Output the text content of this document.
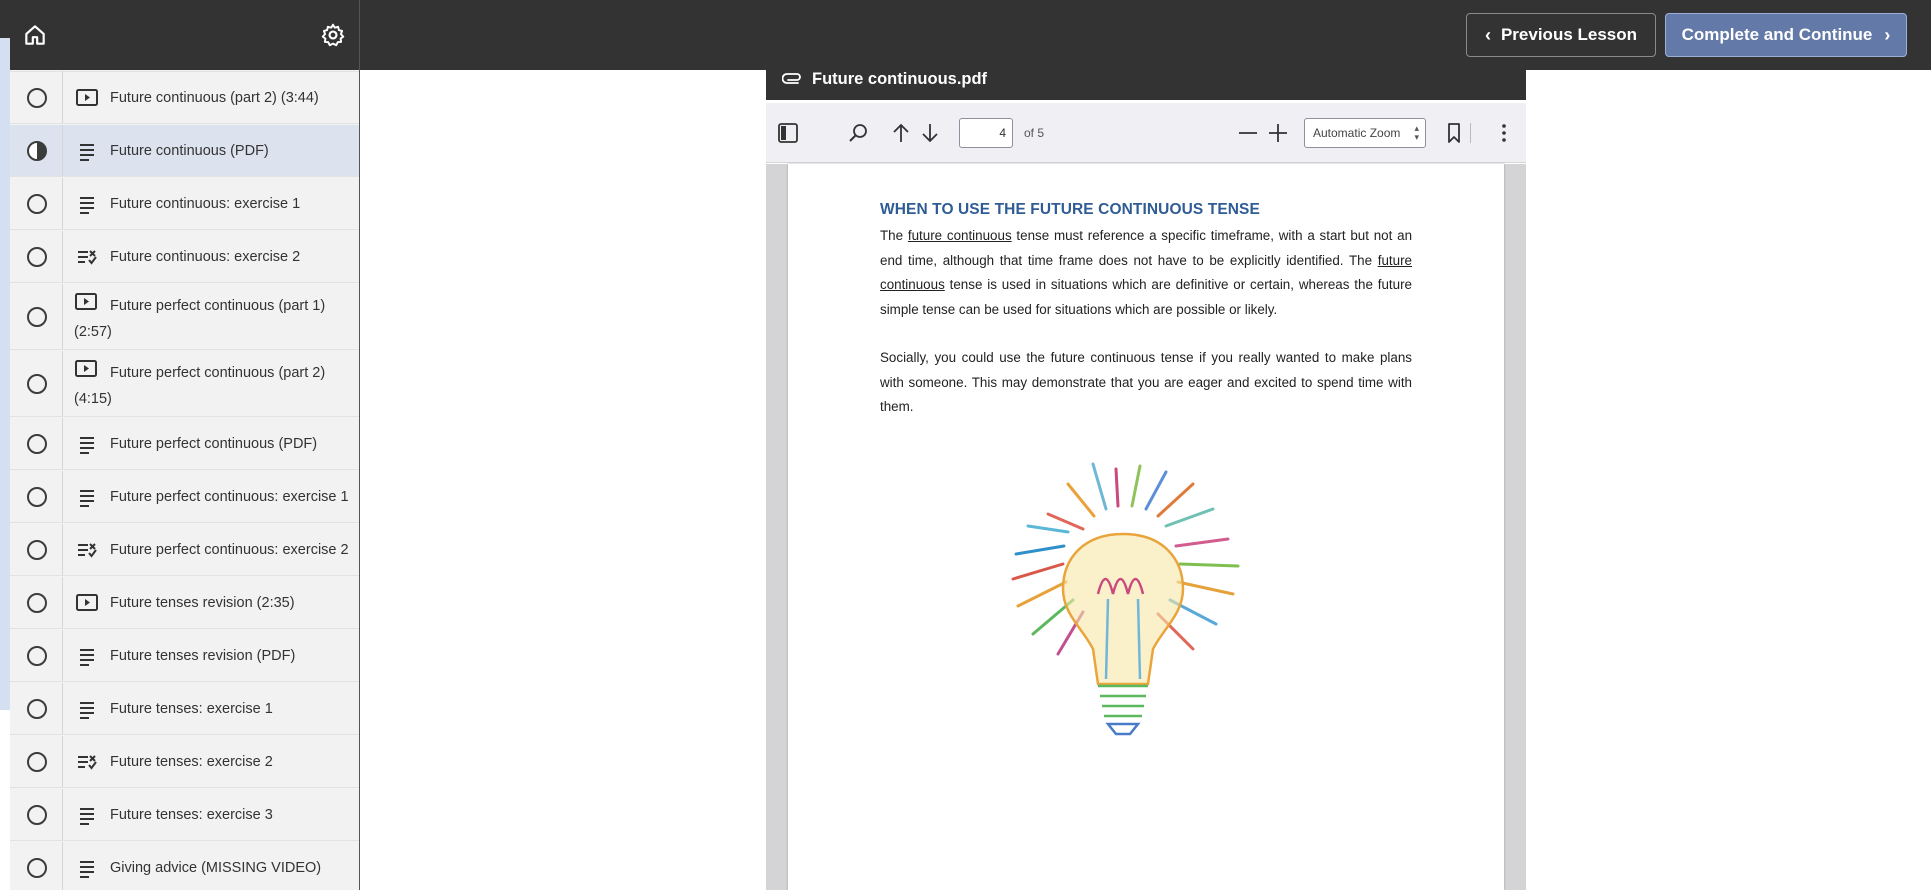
‹ Previous Lesson	Complete and Continue ›
Future continuous (part 2) (3:44)
Future continuous (PDF)
Future continuous: exercise 1
Future continuous: exercise 2
Future perfect continuous (part 1) (2:57)
Future perfect continuous (part 2) (4:15)
Future perfect continuous (PDF)
Future perfect continuous: exercise 1
Future perfect continuous: exercise 2
Future tenses revision (2:35)
Future tenses revision (PDF)
Future tenses: exercise 1
Future tenses: exercise 2
Future tenses: exercise 3
Giving advice (MISSING VIDEO)
Future continuous.pdf
4
of 5	Automatic Zoom ▴
▾
WHEN TO USE THE FUTURE CONTINUOUS TENSE
The future continuous tense must reference a specific timeframe, with a start but not an end time, although that time frame does not have to be explicitly identified. The future continuous tense is used in situations which are definitive or certain, whereas the future simple tense can be used for situations which are possible or likely.
Socially, you could use the future continuous tense if you really wanted to make plans with someone. This may demonstrate that you are eager and excited to spend time with them.
